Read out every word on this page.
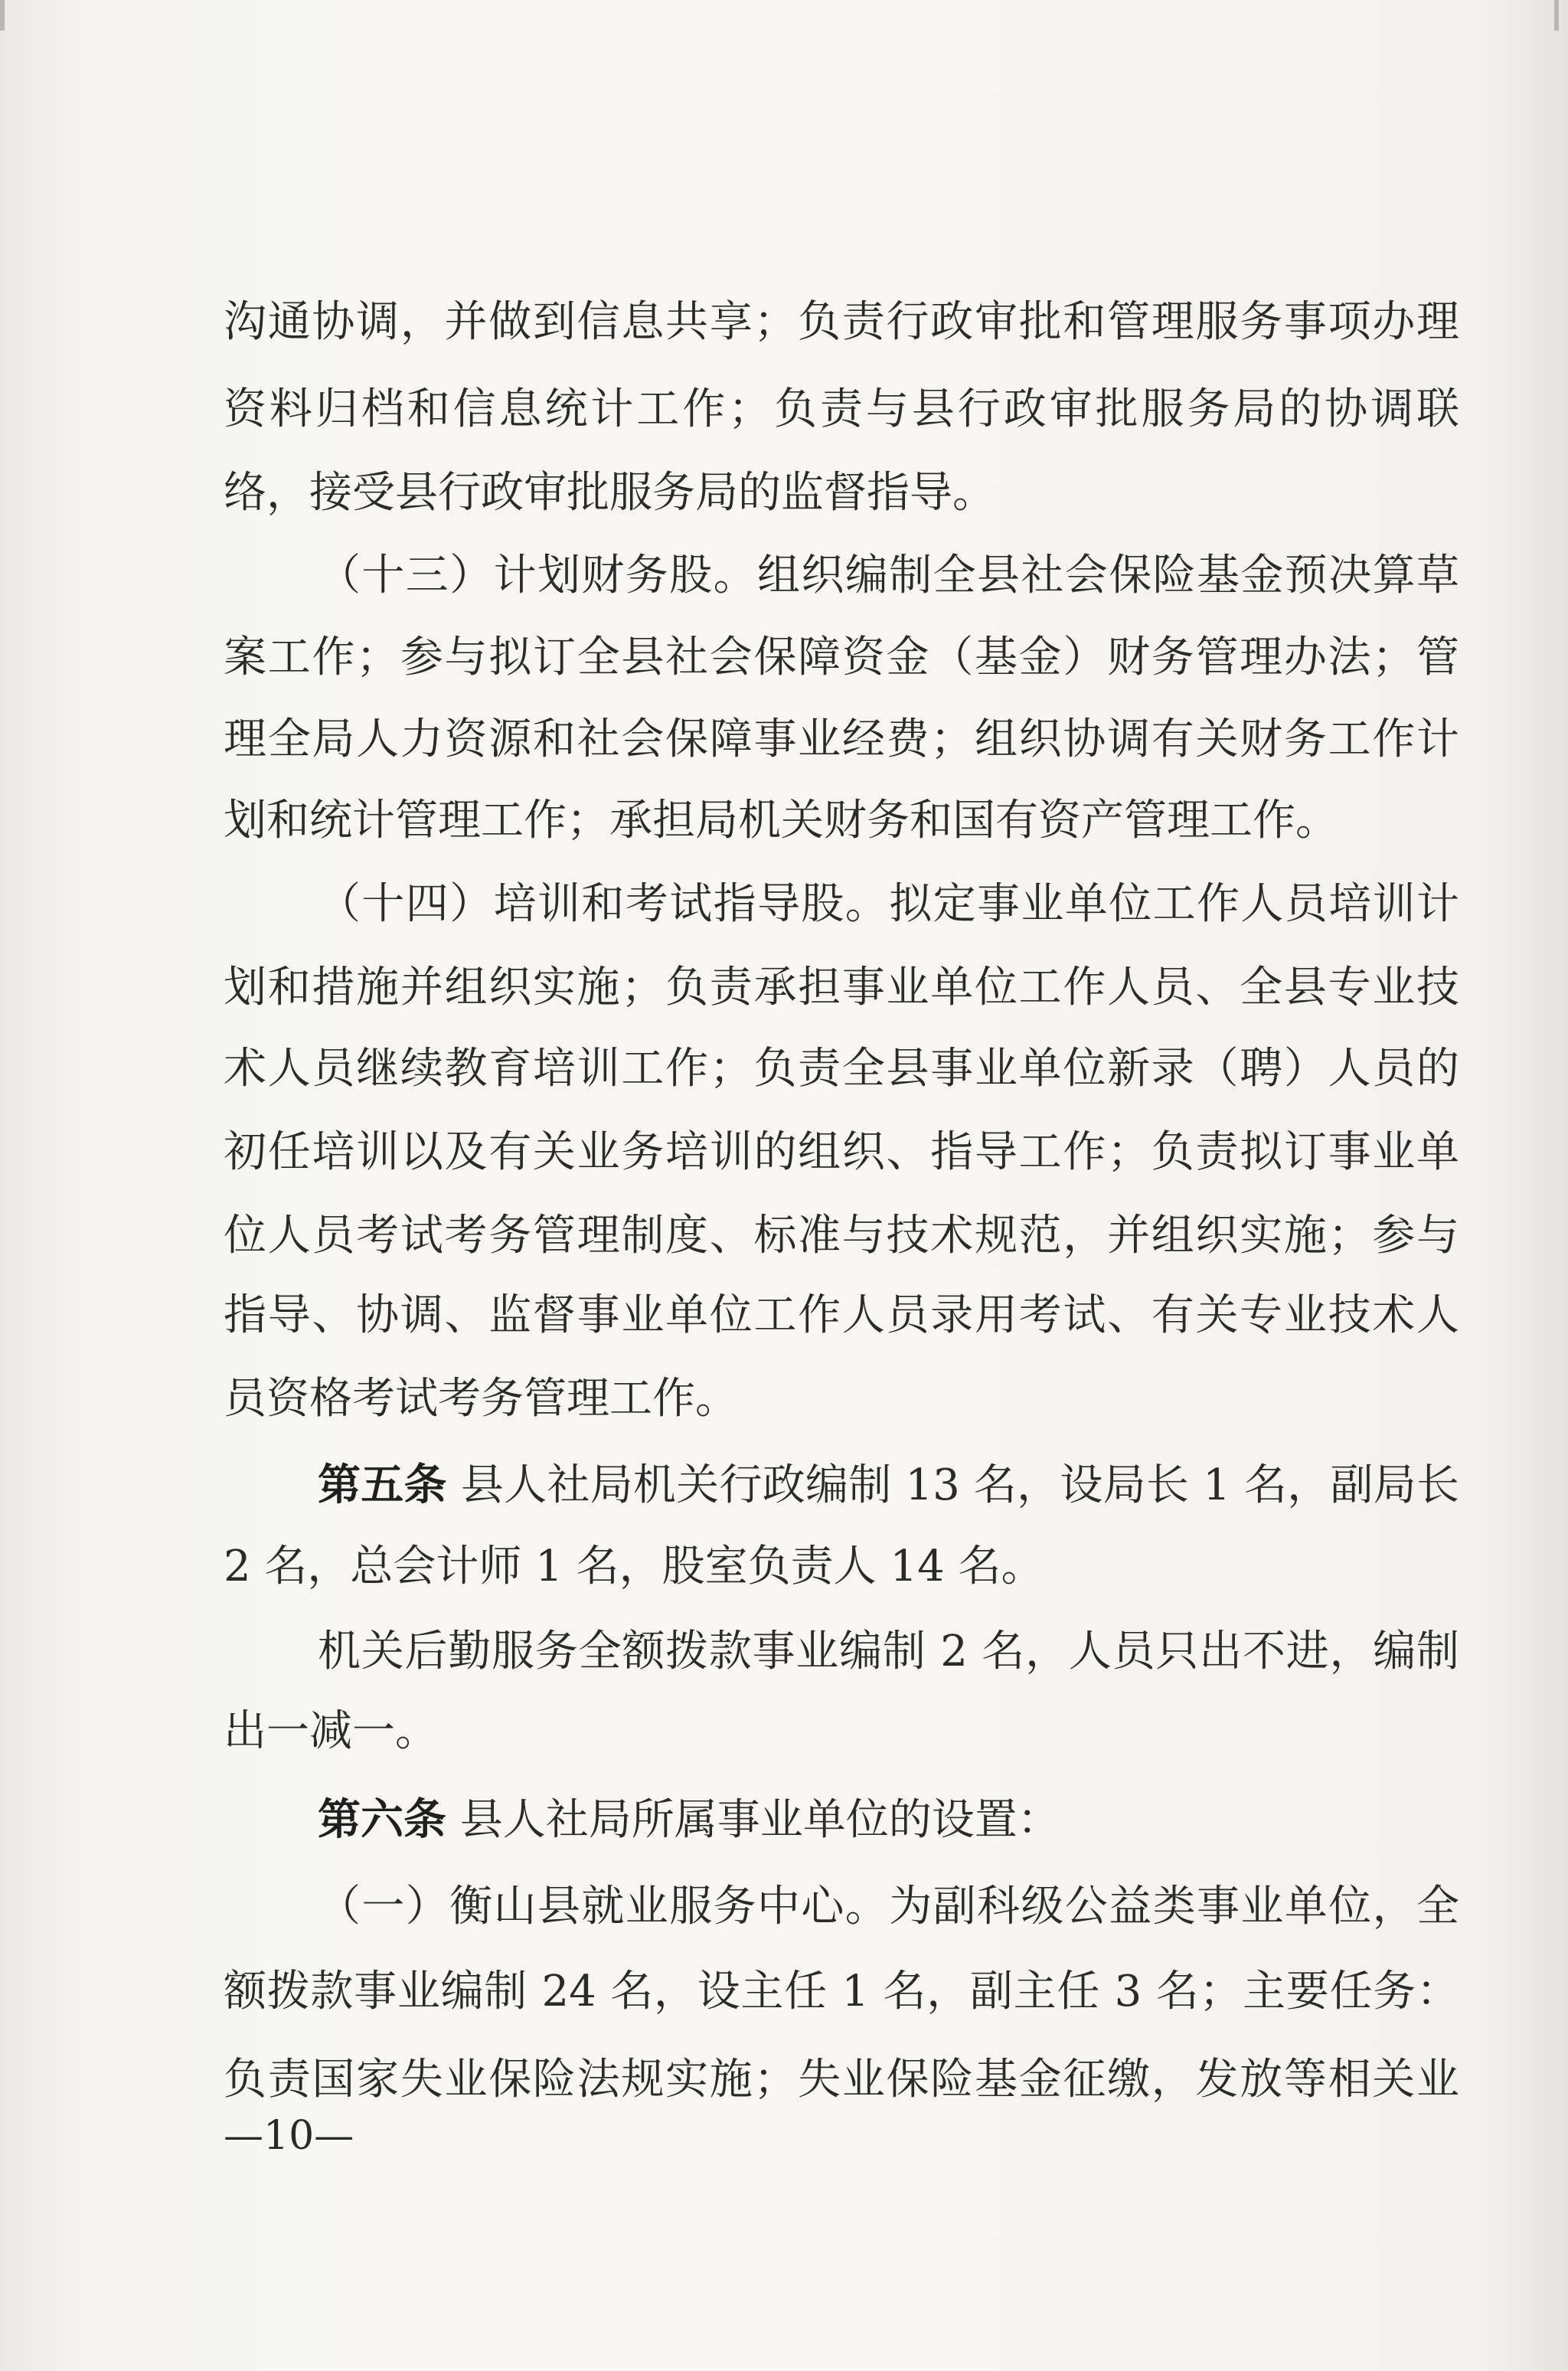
沟通协调，并做到信息共享；负责行政审批和管理服务事项办理
资料归档和信息统计工作；负责与县行政审批服务局的协调联
络，接受县行政审批服务局的监督指导。
（十三）计划财务股。组织编制全县社会保险基金预决算草
案工作；参与拟订全县社会保障资金（基金）财务管理办法；管
理全局人力资源和社会保障事业经费；组织协调有关财务工作计
划和统计管理工作；承担局机关财务和国有资产管理工作。
（十四）培训和考试指导股。拟定事业单位工作人员培训计
划和措施并组织实施；负责承担事业单位工作人员、全县专业技
术人员继续教育培训工作；负责全县事业单位新录（聘）人员的
初任培训以及有关业务培训的组织、指导工作；负责拟订事业单
位人员考试考务管理制度、标准与技术规范，并组织实施；参与
指导、协调、监督事业单位工作人员录用考试、有关专业技术人
员资格考试考务管理工作。
第五条 县人社局机关行政编制 13 名，设局长 1 名，副局长
2 名，总会计师 1 名，股室负责人 14 名。
机关后勤服务全额拨款事业编制 2 名，人员只出不进，编制
出一减一。
第六条 县人社局所属事业单位的设置：
（一）衡山县就业服务中心。为副科级公益类事业单位，全
额拨款事业编制 24 名，设主任 1 名，副主任 3 名；主要任务：
负责国家失业保险法规实施；失业保险基金征缴，发放等相关业
—10—
